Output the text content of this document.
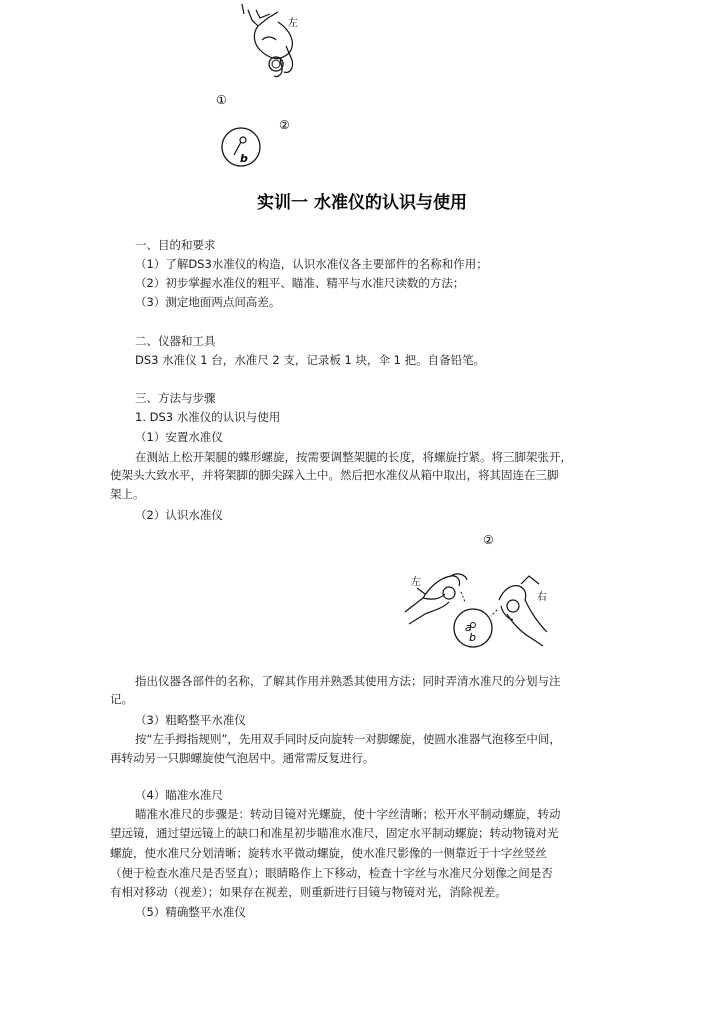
左
①
②
b
实训一 水准仪的认识与使用
一、目的和要求
（1）了解DS3水准仪的构造，认识水准仪各主要部件的名称和作用；
（2）初步掌握水准仪的粗平、瞄准、精平与水准尺读数的方法；
（3）测定地面两点间高差。
二、仪器和工具
DS3 水准仪 1 台，水准尺 2 支，记录板 1 块，伞 1 把。自备铅笔。
三、方法与步骤
1. DS3 水准仪的认识与使用
（1）安置水准仪
在测站上松开架腿的蝶形螺旋，按需要调整架腿的长度，将螺旋拧紧。将三脚架张开，
使架头大致水平，并将架脚的脚尖踩入土中。然后把水准仪从箱中取出，将其固连在三脚
架上。
（2）认识水准仪
②
左
右
a
b
指出仪器各部件的名称，了解其作用并熟悉其使用方法；同时弄清水准尺的分划与注
记。
（3）粗略整平水准仪
按“左手拇指规则”，先用双手同时反向旋转一对脚螺旋，使圆水准器气泡移至中间，
再转动另一只脚螺旋使气泡居中。通常需反复进行。
（4）瞄准水准尺
瞄准水准尺的步骤是：转动目镜对光螺旋，使十字丝清晰；松开水平制动螺旋，转动
望远镜，通过望远镜上的缺口和准星初步瞄准水准尺，固定水平制动螺旋；转动物镜对光
螺旋，使水准尺分划清晰；旋转水平微动螺旋，使水准尺影像的一侧靠近于十字丝竖丝
（便于检查水准尺是否竖直）；眼睛略作上下移动，检查十字丝与水准尺分划像之间是否
有相对移动（视差）；如果存在视差，则重新进行目镜与物镜对光，消除视差。
（5）精确整平水准仪
